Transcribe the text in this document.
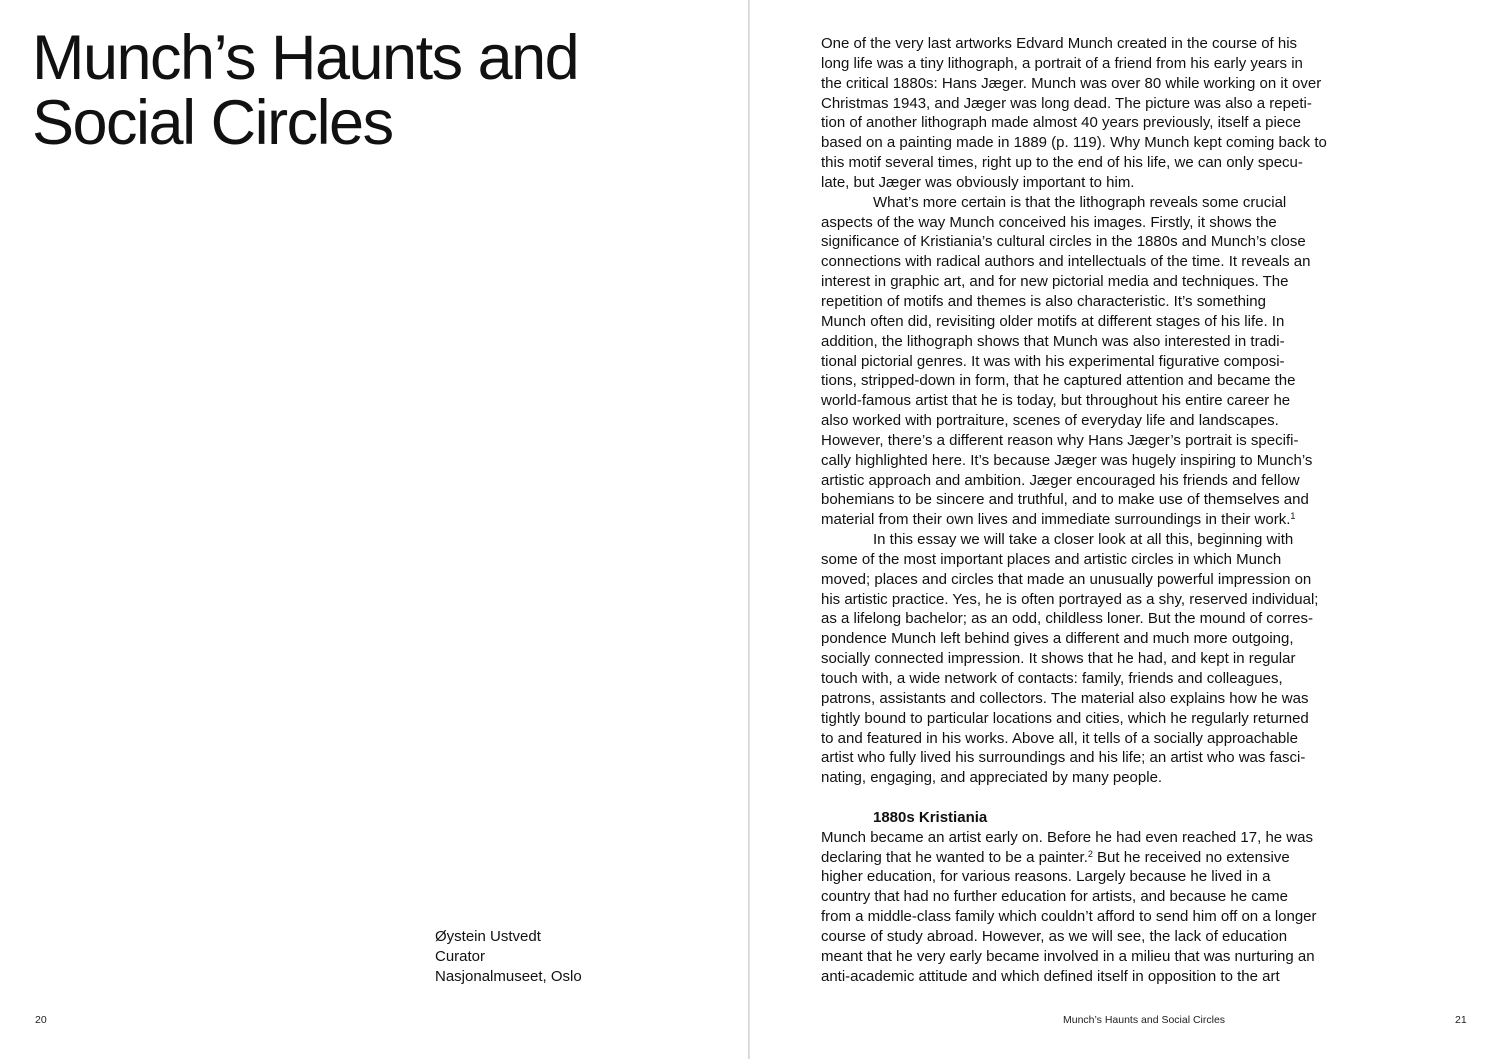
Munch’s Haunts and
Social Circles
Øystein Ustvedt
Curator
Nasjonalmuseet, Oslo
20
One of the very last artworks Edvard Munch created in the course of his
long life was a tiny lithograph, a portrait of a friend from his early years in
the critical 1880s: Hans Jæger. Munch was over 80 while working on it over
Christmas 1943, and Jæger was long dead. The picture was also a repeti-
tion of another lithograph made almost 40 years previously, itself a piece
based on a painting made in 1889 (p. 119). Why Munch kept coming back to
this motif several times, right up to the end of his life, we can only specu-
late, but Jæger was obviously important to him.
What’s more certain is that the lithograph reveals some crucial
aspects of the way Munch conceived his images. Firstly, it shows the
significance of Kristiania’s cultural circles in the 1880s and Munch’s close
connections with radical authors and intellectuals of the time. It reveals an
interest in graphic art, and for new pictorial media and techniques. The
repetition of motifs and themes is also characteristic. It’s something
Munch often did, revisiting older motifs at different stages of his life. In
addition, the lithograph shows that Munch was also interested in tradi-
tional pictorial genres. It was with his experimental figurative composi-
tions, stripped-down in form, that he captured attention and became the
world-famous artist that he is today, but throughout his entire career he
also worked with portraiture, scenes of everyday life and landscapes.
However, there’s a different reason why Hans Jæger’s portrait is specifi-
cally highlighted here. It’s because Jæger was hugely inspiring to Munch’s
artistic approach and ambition. Jæger encouraged his friends and fellow
bohemians to be sincere and truthful, and to make use of themselves and
material from their own lives and immediate surroundings in their work.$^1$
In this essay we will take a closer look at all this, beginning with
some of the most important places and artistic circles in which Munch
moved; places and circles that made an unusually powerful impression on
his artistic practice. Yes, he is often portrayed as a shy, reserved individual;
as a lifelong bachelor; as an odd, childless loner. But the mound of corres-
pondence Munch left behind gives a different and much more outgoing,
socially connected impression. It shows that he had, and kept in regular
touch with, a wide network of contacts: family, friends and colleagues,
patrons, assistants and collectors. The material also explains how he was
tightly bound to particular locations and cities, which he regularly returned
to and featured in his works. Above all, it tells of a socially approachable
artist who fully lived his surroundings and his life; an artist who was fasci-
nating, engaging, and appreciated by many people.
1880s Kristiania
Munch became an artist early on. Before he had even reached 17, he was
declaring that he wanted to be a painter.$^2$ But he received no extensive
higher education, for various reasons. Largely because he lived in a
country that had no further education for artists, and because he came
from a middle-class family which couldn’t afford to send him off on a longer
course of study abroad. However, as we will see, the lack of education
meant that he very early became involved in a milieu that was nurturing an
anti-academic attitude and which defined itself in opposition to the art
Munch’s Haunts and Social Circles	21
